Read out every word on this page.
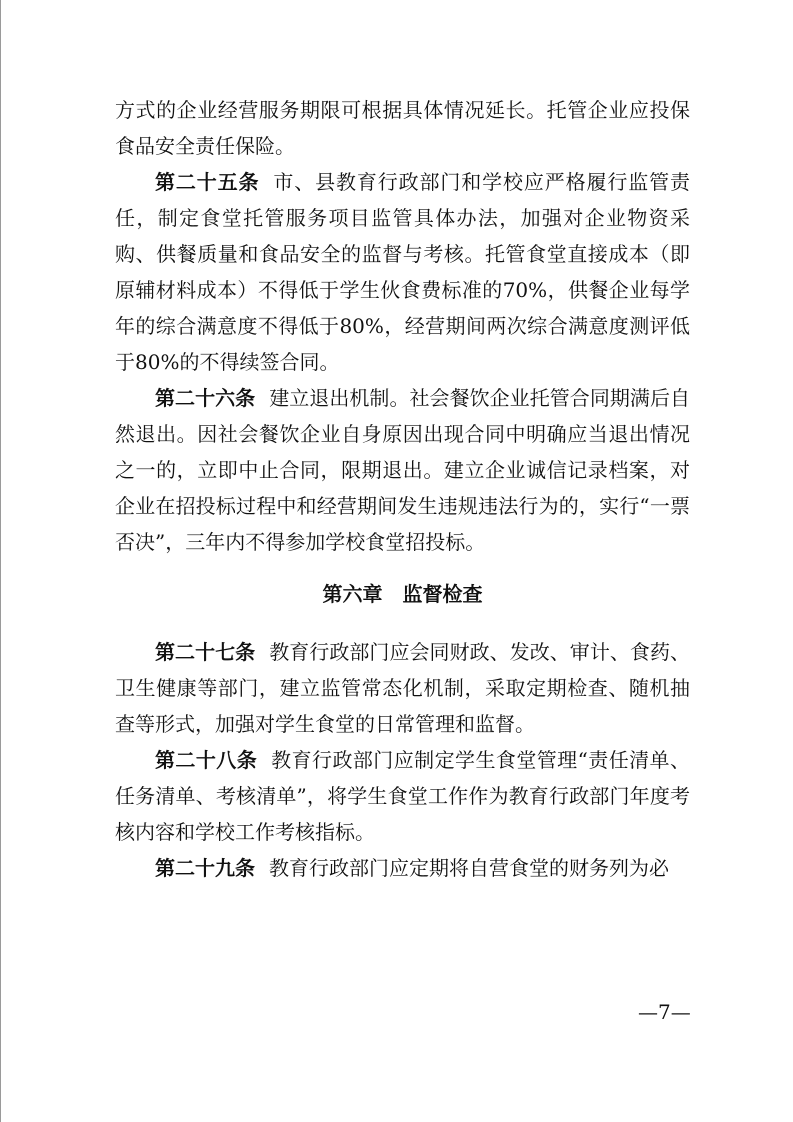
方式的企业经营服务期限可根据具体情况延长。托管企业应投保食品安全责任保险。

第二十五条 市、县教育行政部门和学校应严格履行监管责任，制定食堂托管服务项目监管具体办法，加强对企业物资采购、供餐质量和食品安全的监督与考核。托管食堂直接成本（即原辅材料成本）不得低于学生伙食费标准的70%，供餐企业每学年的综合满意度不得低于80%，经营期间两次综合满意度测评低于80%的不得续签合同。

第二十六条 建立退出机制。社会餐饮企业托管合同期满后自然退出。因社会餐饮企业自身原因出现合同中明确应当退出情况之一的，立即中止合同，限期退出。建立企业诚信记录档案，对企业在招投标过程中和经营期间发生违规违法行为的，实行“一票否决”，三年内不得参加学校食堂招投标。

第六章 监督检查

第二十七条 教育行政部门应会同财政、发改、审计、食药、卫生健康等部门，建立监管常态化机制，采取定期检查、随机抽查等形式，加强对学生食堂的日常管理和监督。

第二十八条 教育行政部门应制定学生食堂管理“责任清单、任务清单、考核清单”，将学生食堂工作作为教育行政部门年度考核内容和学校工作考核指标。

第二十九条 教育行政部门应定期将自营食堂的财务列为必

—7—
